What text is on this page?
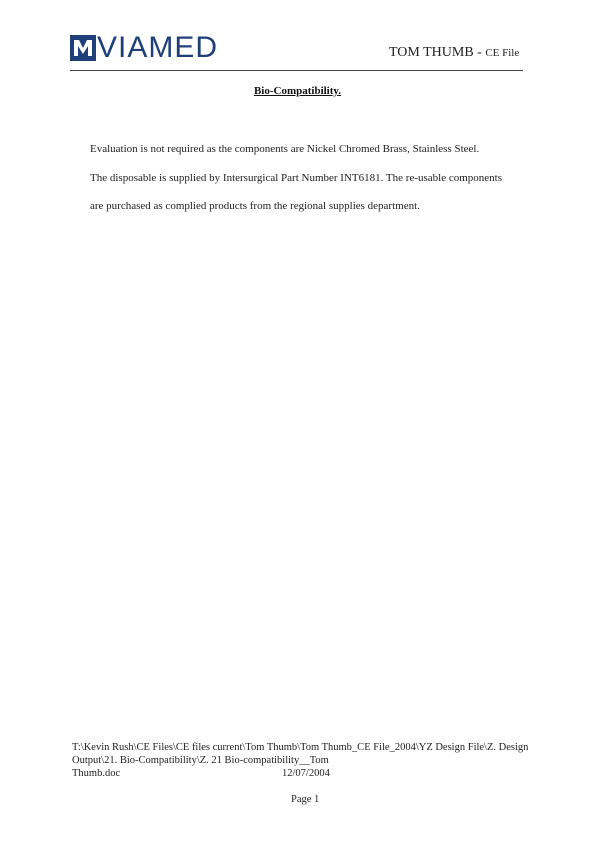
VIAMED	TOM THUMB - CE File
Bio-Compatibility.

Evaluation is not required as the components are Nickel Chromed Brass, Stainless Steel.

The disposable is supplied by Intersurgical Part Number INT6181. The re-usable components are purchased as complied products from the regional supplies department.

T:\Kevin Rush\CE Files\CE files current\Tom Thumb\Tom Thumb_CE File_2004\YZ Design File\Z. Design Output\21. Bio-Compatibility\Z. 21 Bio-compatibility__Tom
Thumb.doc	12/07/2004
Page 1
